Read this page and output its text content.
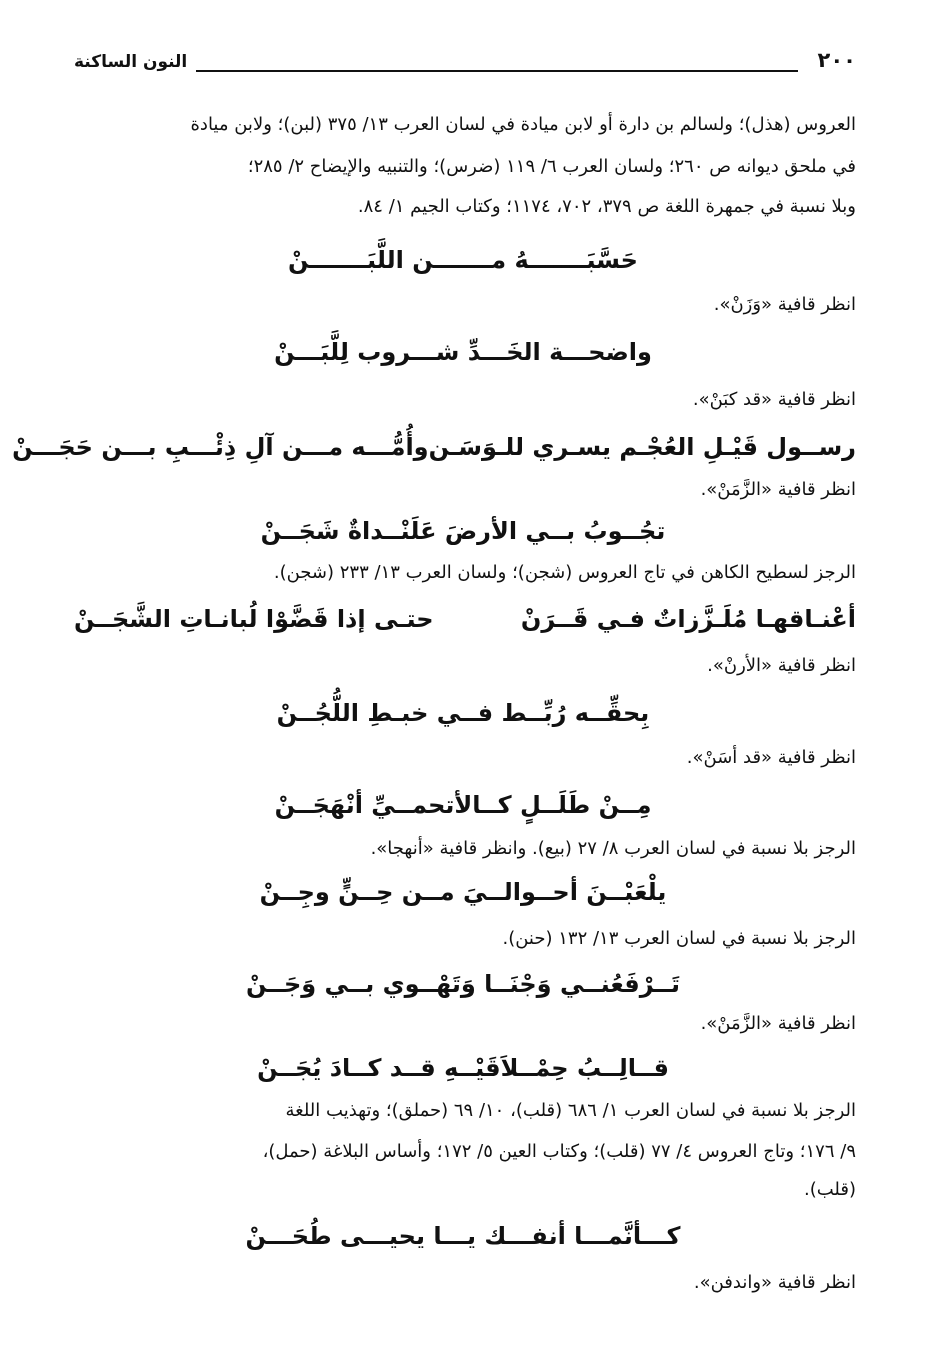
٢٠٠
النون الساكنة
العروس (هذل)؛ ولسالم بن دارة أو لابن ميادة في لسان العرب ١٣/ ٣٧٥ (لبن)؛ ولابن ميادة
في ملحق ديوانه ص ٢٦٠؛ ولسان العرب ٦/ ١١٩ (ضرس)؛ والتنبيه والإيضاح ٢/ ٢٨٥؛
وبلا نسبة في جمهرة اللغة ص ٣٧٩، ٧٠٢، ١١٧٤؛ وكتاب الجيم ١/ ٨٤.
حَسَّبَـــــــهُ مـــــــن اللَّبَـــــــنْ
انظر قافية «وَزَنْ».
واضحـــة الخَـــدِّ شـــروب لِلَّبَـــنْ
انظر قافية «قد كبَنْ».
رســول قَيْـلِ العُجْـم يسـري للـوَسَـن
وأُمُّـــه مـــن آلِ ذِئْـــبِ بـــن حَجَـــنْ
انظر قافية «الزَّمَنْ».
تجُــوبُ بــي الأرضَ عَلَنْــداةٌ شَجَــنْ
الرجز لسطيح الكاهن في تاج العروس (شجن)؛ ولسان العرب ١٣/ ٢٣٣ (شجن).
أعْنـاقهـا مُلَـزَّزاتٌ فـي قَــرَنْ
حتـى إذا قَضَّوْا لُبانـاتِ الشَّجَــنْ
انظر قافية «الأرنْ».
بِحقِّــه رُبِّــط فــي خبـطِ اللُّجُــنْ
انظر قافية «قد أسَنْ».
مِــنْ طَلَــلٍ كــالأتحمــيِّ أنْهَجَــنْ
الرجز بلا نسبة في لسان العرب ٨/ ٢٧ (بيع). وانظر قافية «أنهجا».
يلْعَبْــنَ أحــوالــيَ مــن حِــنٍّ وجِــنْ
الرجز بلا نسبة في لسان العرب ١٣/ ١٣٢ (حنن).
تَــرْفَعُنــي وَجْنَــا وَتَهْــوي بــي وَجَــنْ
انظر قافية «الزَّمَنْ».
قــالِــبُ حِمْــلاَقَيْــهِ قــد كــادَ يُجَــنْ
الرجز بلا نسبة في لسان العرب ١/ ٦٨٦ (قلب)، ١٠/ ٦٩ (حملق)؛ وتهذيب اللغة
٩/ ١٧٦؛ وتاج العروس ٤/ ٧٧ (قلب)؛ وكتاب العين ٥/ ١٧٢؛ وأساس البلاغة (حمل)،
(قلب).
كـــأنَّمـــا أنفـــك يـــا يحيـــى طُحَـــنْ
انظر قافية «واندفن».
